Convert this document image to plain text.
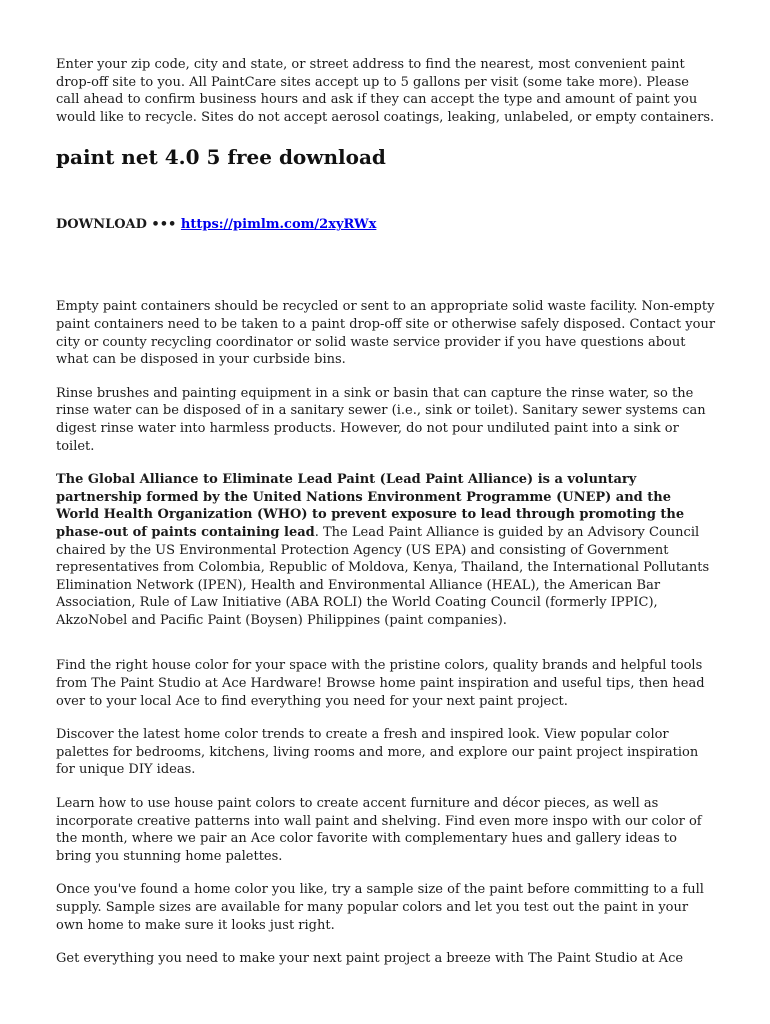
Enter your zip code, city and state, or street address to find the nearest, most convenient paint drop-off site to you. All PaintCare sites accept up to 5 gallons per visit (some take more). Please call ahead to confirm business hours and ask if they can accept the type and amount of paint you would like to recycle. Sites do not accept aerosol coatings, leaking, unlabeled, or empty containers.

paint net 4.0 5 free download
DOWNLOAD ••• https://pimlm.com/2xyRWx

Empty paint containers should be recycled or sent to an appropriate solid waste facility. Non-empty paint containers need to be taken to a paint drop-off site or otherwise safely disposed. Contact your city or county recycling coordinator or solid waste service provider if you have questions about what can be disposed in your curbside bins.

Rinse brushes and painting equipment in a sink or basin that can capture the rinse water, so the rinse water can be disposed of in a sanitary sewer (i.e., sink or toilet). Sanitary sewer systems can digest rinse water into harmless products. However, do not pour undiluted paint into a sink or toilet.

The Global Alliance to Eliminate Lead Paint (Lead Paint Alliance) is a voluntary partnership formed by the United Nations Environment Programme (UNEP) and the World Health Organization (WHO) to prevent exposure to lead through promoting the phase-out of paints containing lead. The Lead Paint Alliance is guided by an Advisory Council chaired by the US Environmental Protection Agency (US EPA) and consisting of Government representatives from Colombia, Republic of Moldova, Kenya, Thailand, the International Pollutants Elimination Network (IPEN), Health and Environmental Alliance (HEAL), the American Bar Association, Rule of Law Initiative (ABA ROLI) the World Coating Council (formerly IPPIC), AkzoNobel and Pacific Paint (Boysen) Philippines (paint companies).

Find the right house color for your space with the pristine colors, quality brands and helpful tools from The Paint Studio at Ace Hardware! Browse home paint inspiration and useful tips, then head over to your local Ace to find everything you need for your next paint project.

Discover the latest home color trends to create a fresh and inspired look. View popular color palettes for bedrooms, kitchens, living rooms and more, and explore our paint project inspiration for unique DIY ideas.

Learn how to use house paint colors to create accent furniture and décor pieces, as well as incorporate creative patterns into wall paint and shelving. Find even more inspo with our color of the month, where we pair an Ace color favorite with complementary hues and gallery ideas to bring you stunning home palettes.

Once you've found a home color you like, try a sample size of the paint before committing to a full supply. Sample sizes are available for many popular colors and let you test out the paint in your own home to make sure it looks just right.

Get everything you need to make your next paint project a breeze with The Paint Studio at Ace
